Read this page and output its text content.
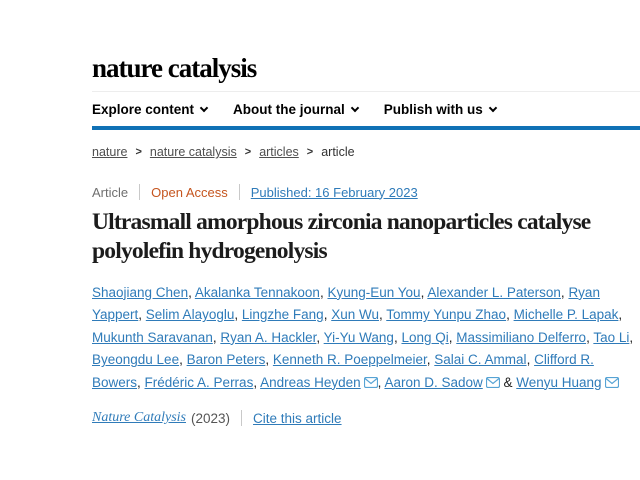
nature catalysis
Explore content	About the journal	Publish with us
nature > nature catalysis > articles > article
Article Open Access Published: 16 February 2023
Ultrasmall amorphous zirconia nanoparticles catalyse polyolefin hydrogenolysis

Shaojiang Chen, Akalanka Tennakoon, Kyung-Eun You, Alexander L. Paterson, Ryan Yappert, Selim Alayoglu, Lingzhe Fang, Xun Wu, Tommy Yunpu Zhao, Michelle P. Lapak, Mukunth Saravanan, Ryan A. Hackler, Yi-Yu Wang, Long Qi, Massimiliano Delferro, Tao Li, Byeongdu Lee, Baron Peters, Kenneth R. Poeppelmeier, Salai C. Ammal, Clifford R. Bowers, Frédéric A. Perras, Andreas Heyden , Aaron D. Sadow & Wenyu Huang

Nature Catalysis (2023) Cite this article
